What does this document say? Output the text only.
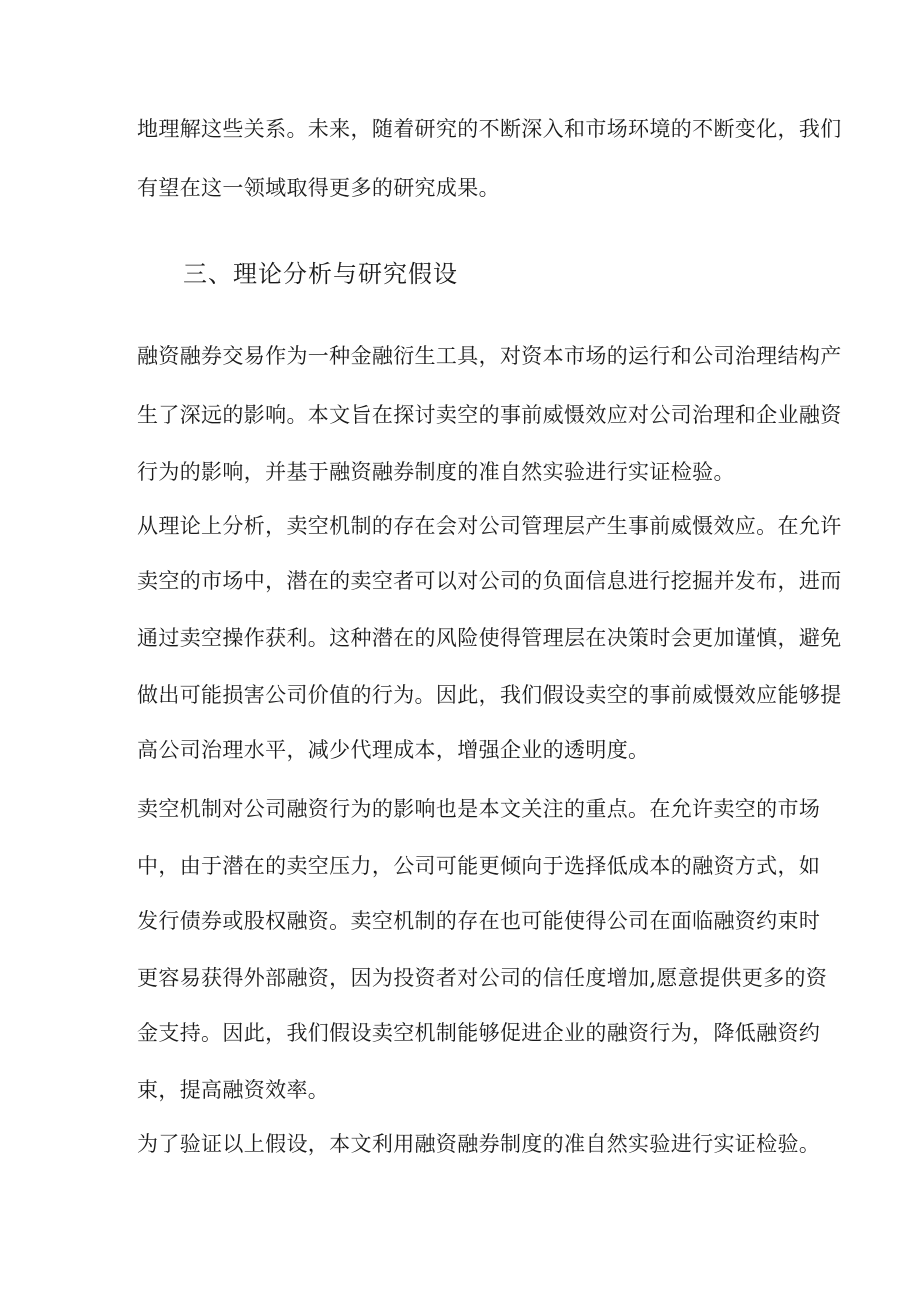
地理解这些关系。未来，随着研究的不断深入和市场环境的不断变化，我们
有望在这一领域取得更多的研究成果。
三、理论分析与研究假设
融资融券交易作为一种金融衍生工具，对资本市场的运行和公司治理结构产
生了深远的影响。本文旨在探讨卖空的事前威慑效应对公司治理和企业融资
行为的影响，并基于融资融券制度的准自然实验进行实证检验。
从理论上分析，卖空机制的存在会对公司管理层产生事前威慑效应。在允许
卖空的市场中，潜在的卖空者可以对公司的负面信息进行挖掘并发布，进而
通过卖空操作获利。这种潜在的风险使得管理层在决策时会更加谨慎，避免
做出可能损害公司价值的行为。因此，我们假设卖空的事前威慑效应能够提
高公司治理水平，减少代理成本，增强企业的透明度。
卖空机制对公司融资行为的影响也是本文关注的重点。在允许卖空的市场
中，由于潜在的卖空压力，公司可能更倾向于选择低成本的融资方式，如
发行债券或股权融资。卖空机制的存在也可能使得公司在面临融资约束时
更容易获得外部融资，因为投资者对公司的信任度增加,愿意提供更多的资
金支持。因此，我们假设卖空机制能够促进企业的融资行为，降低融资约
束，提高融资效率。
为了验证以上假设，本文利用融资融券制度的准自然实验进行实证检验。
